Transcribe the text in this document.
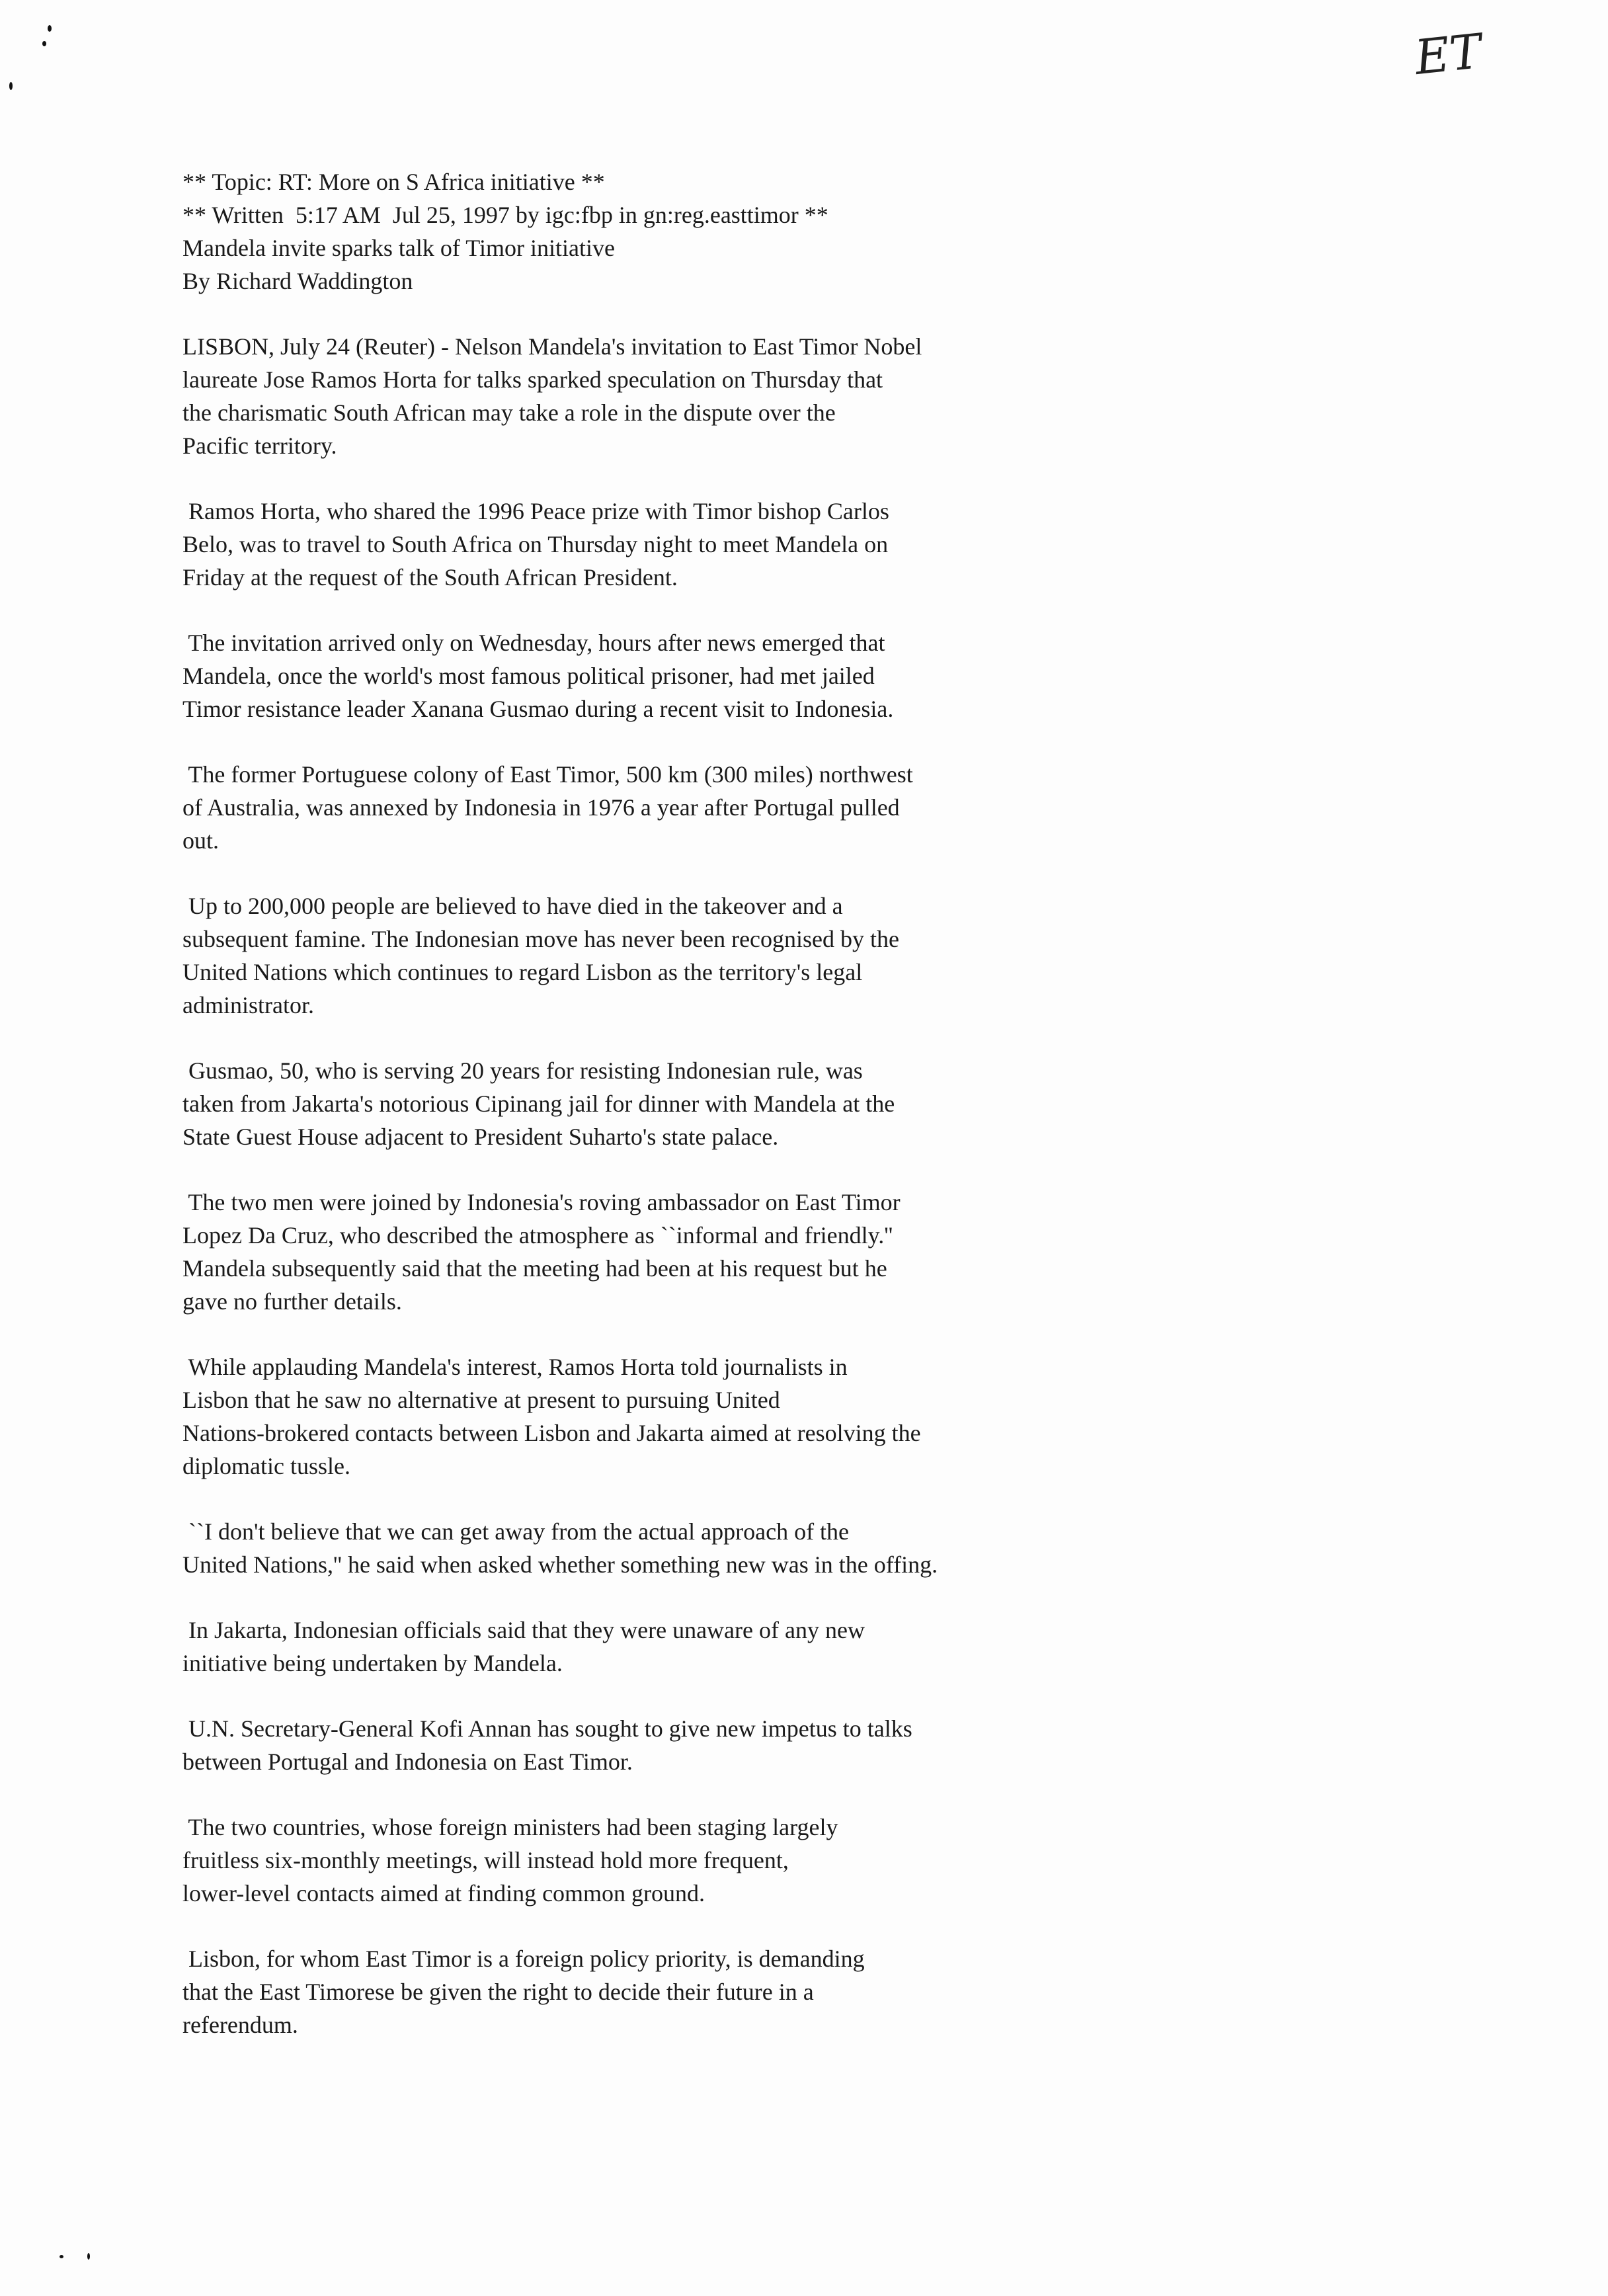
ET
** Topic: RT: More on S Africa initiative **
** Written  5:17 AM  Jul 25, 1997 by igc:fbp in gn:reg.easttimor **
Mandela invite sparks talk of Timor initiative
By Richard Waddington
LISBON, July 24 (Reuter) - Nelson Mandela's invitation to East Timor Nobel
laureate Jose Ramos Horta for talks sparked speculation on Thursday that
the charismatic South African may take a role in the dispute over the
Pacific territory.
Ramos Horta, who shared the 1996 Peace prize with Timor bishop Carlos
Belo, was to travel to South Africa on Thursday night to meet Mandela on
Friday at the request of the South African President.
The invitation arrived only on Wednesday, hours after news emerged that
Mandela, once the world's most famous political prisoner, had met jailed
Timor resistance leader Xanana Gusmao during a recent visit to Indonesia.
The former Portuguese colony of East Timor, 500 km (300 miles) northwest
of Australia, was annexed by Indonesia in 1976 a year after Portugal pulled
out.
Up to 200,000 people are believed to have died in the takeover and a
subsequent famine. The Indonesian move has never been recognised by the
United Nations which continues to regard Lisbon as the territory's legal
administrator.
Gusmao, 50, who is serving 20 years for resisting Indonesian rule, was
taken from Jakarta's notorious Cipinang jail for dinner with Mandela at the
State Guest House adjacent to President Suharto's state palace.
The two men were joined by Indonesia's roving ambassador on East Timor
Lopez Da Cruz, who described the atmosphere as ``informal and friendly.''
Mandela subsequently said that the meeting had been at his request but he
gave no further details.
While applauding Mandela's interest, Ramos Horta told journalists in
Lisbon that he saw no alternative at present to pursuing United
Nations-brokered contacts between Lisbon and Jakarta aimed at resolving the
diplomatic tussle.
``I don't believe that we can get away from the actual approach of the
United Nations,'' he said when asked whether something new was in the offing.
In Jakarta, Indonesian officials said that they were unaware of any new
initiative being undertaken by Mandela.
U.N. Secretary-General Kofi Annan has sought to give new impetus to talks
between Portugal and Indonesia on East Timor.
The two countries, whose foreign ministers had been staging largely
fruitless six-monthly meetings, will instead hold more frequent,
lower-level contacts aimed at finding common ground.
Lisbon, for whom East Timor is a foreign policy priority, is demanding
that the East Timorese be given the right to decide their future in a
referendum.
